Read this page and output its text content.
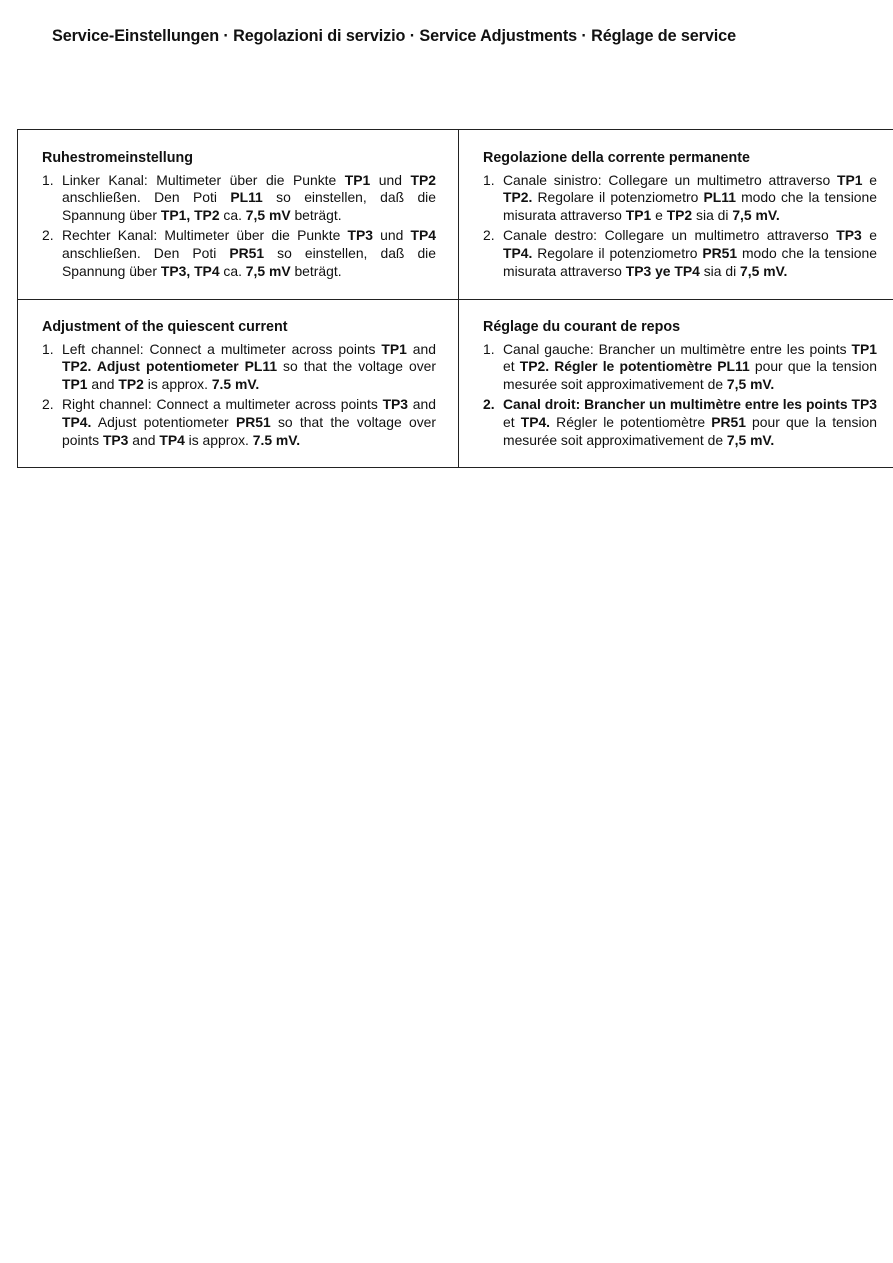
Service-Einstellungen · Regolazioni di servizio · Service Adjustments · Réglage de service
Ruhestromeinstellung
1. Linker Kanal: Multimeter über die Punkte TP1 und TP2 anschließen. Den Poti PL11 so einstellen, daß die Spannung über TP1, TP2 ca. 7,5 mV beträgt.
2. Rechter Kanal: Multimeter über die Punkte TP3 und TP4 anschließen. Den Poti PR51 so einstellen, daß die Spannung über TP3, TP4 ca. 7,5 mV beträgt.
Regolazione della corrente permanente
1. Canale sinistro: Collegare un multimetro attraverso TP1 e TP2. Regolare il potenziometro PL11 modo che la tensione misurata attraverso TP1 e TP2 sia di 7,5 mV.
2. Canale destro: Collegare un multimetro attraverso TP3 e TP4. Regolare il potenziometro PR51 modo che la tensione misurata attraverso TP3 ye TP4 sia di 7,5 mV.
Adjustment of the quiescent current
1. Left channel: Connect a multimeter across points TP1 and TP2. Adjust potentiometer PL11 so that the voltage over TP1 and TP2 is approx. 7.5 mV.
2. Right channel: Connect a multimeter across points TP3 and TP4. Adjust potentiometer PR51 so that the voltage over points TP3 and TP4 is approx. 7.5 mV.
Réglage du courant de repos
1. Canal gauche: Brancher un multimètre entre les points TP1 et TP2. Régler le potentiomètre PL11 pour que la tension mesurée soit approximativement de 7,5 mV.
2. Canal droit: Brancher un multimètre entre les points TP3 et TP4. Régler le potentiomètre PR51 pour que la tension mesurée soit approximativement de 7,5 mV.
